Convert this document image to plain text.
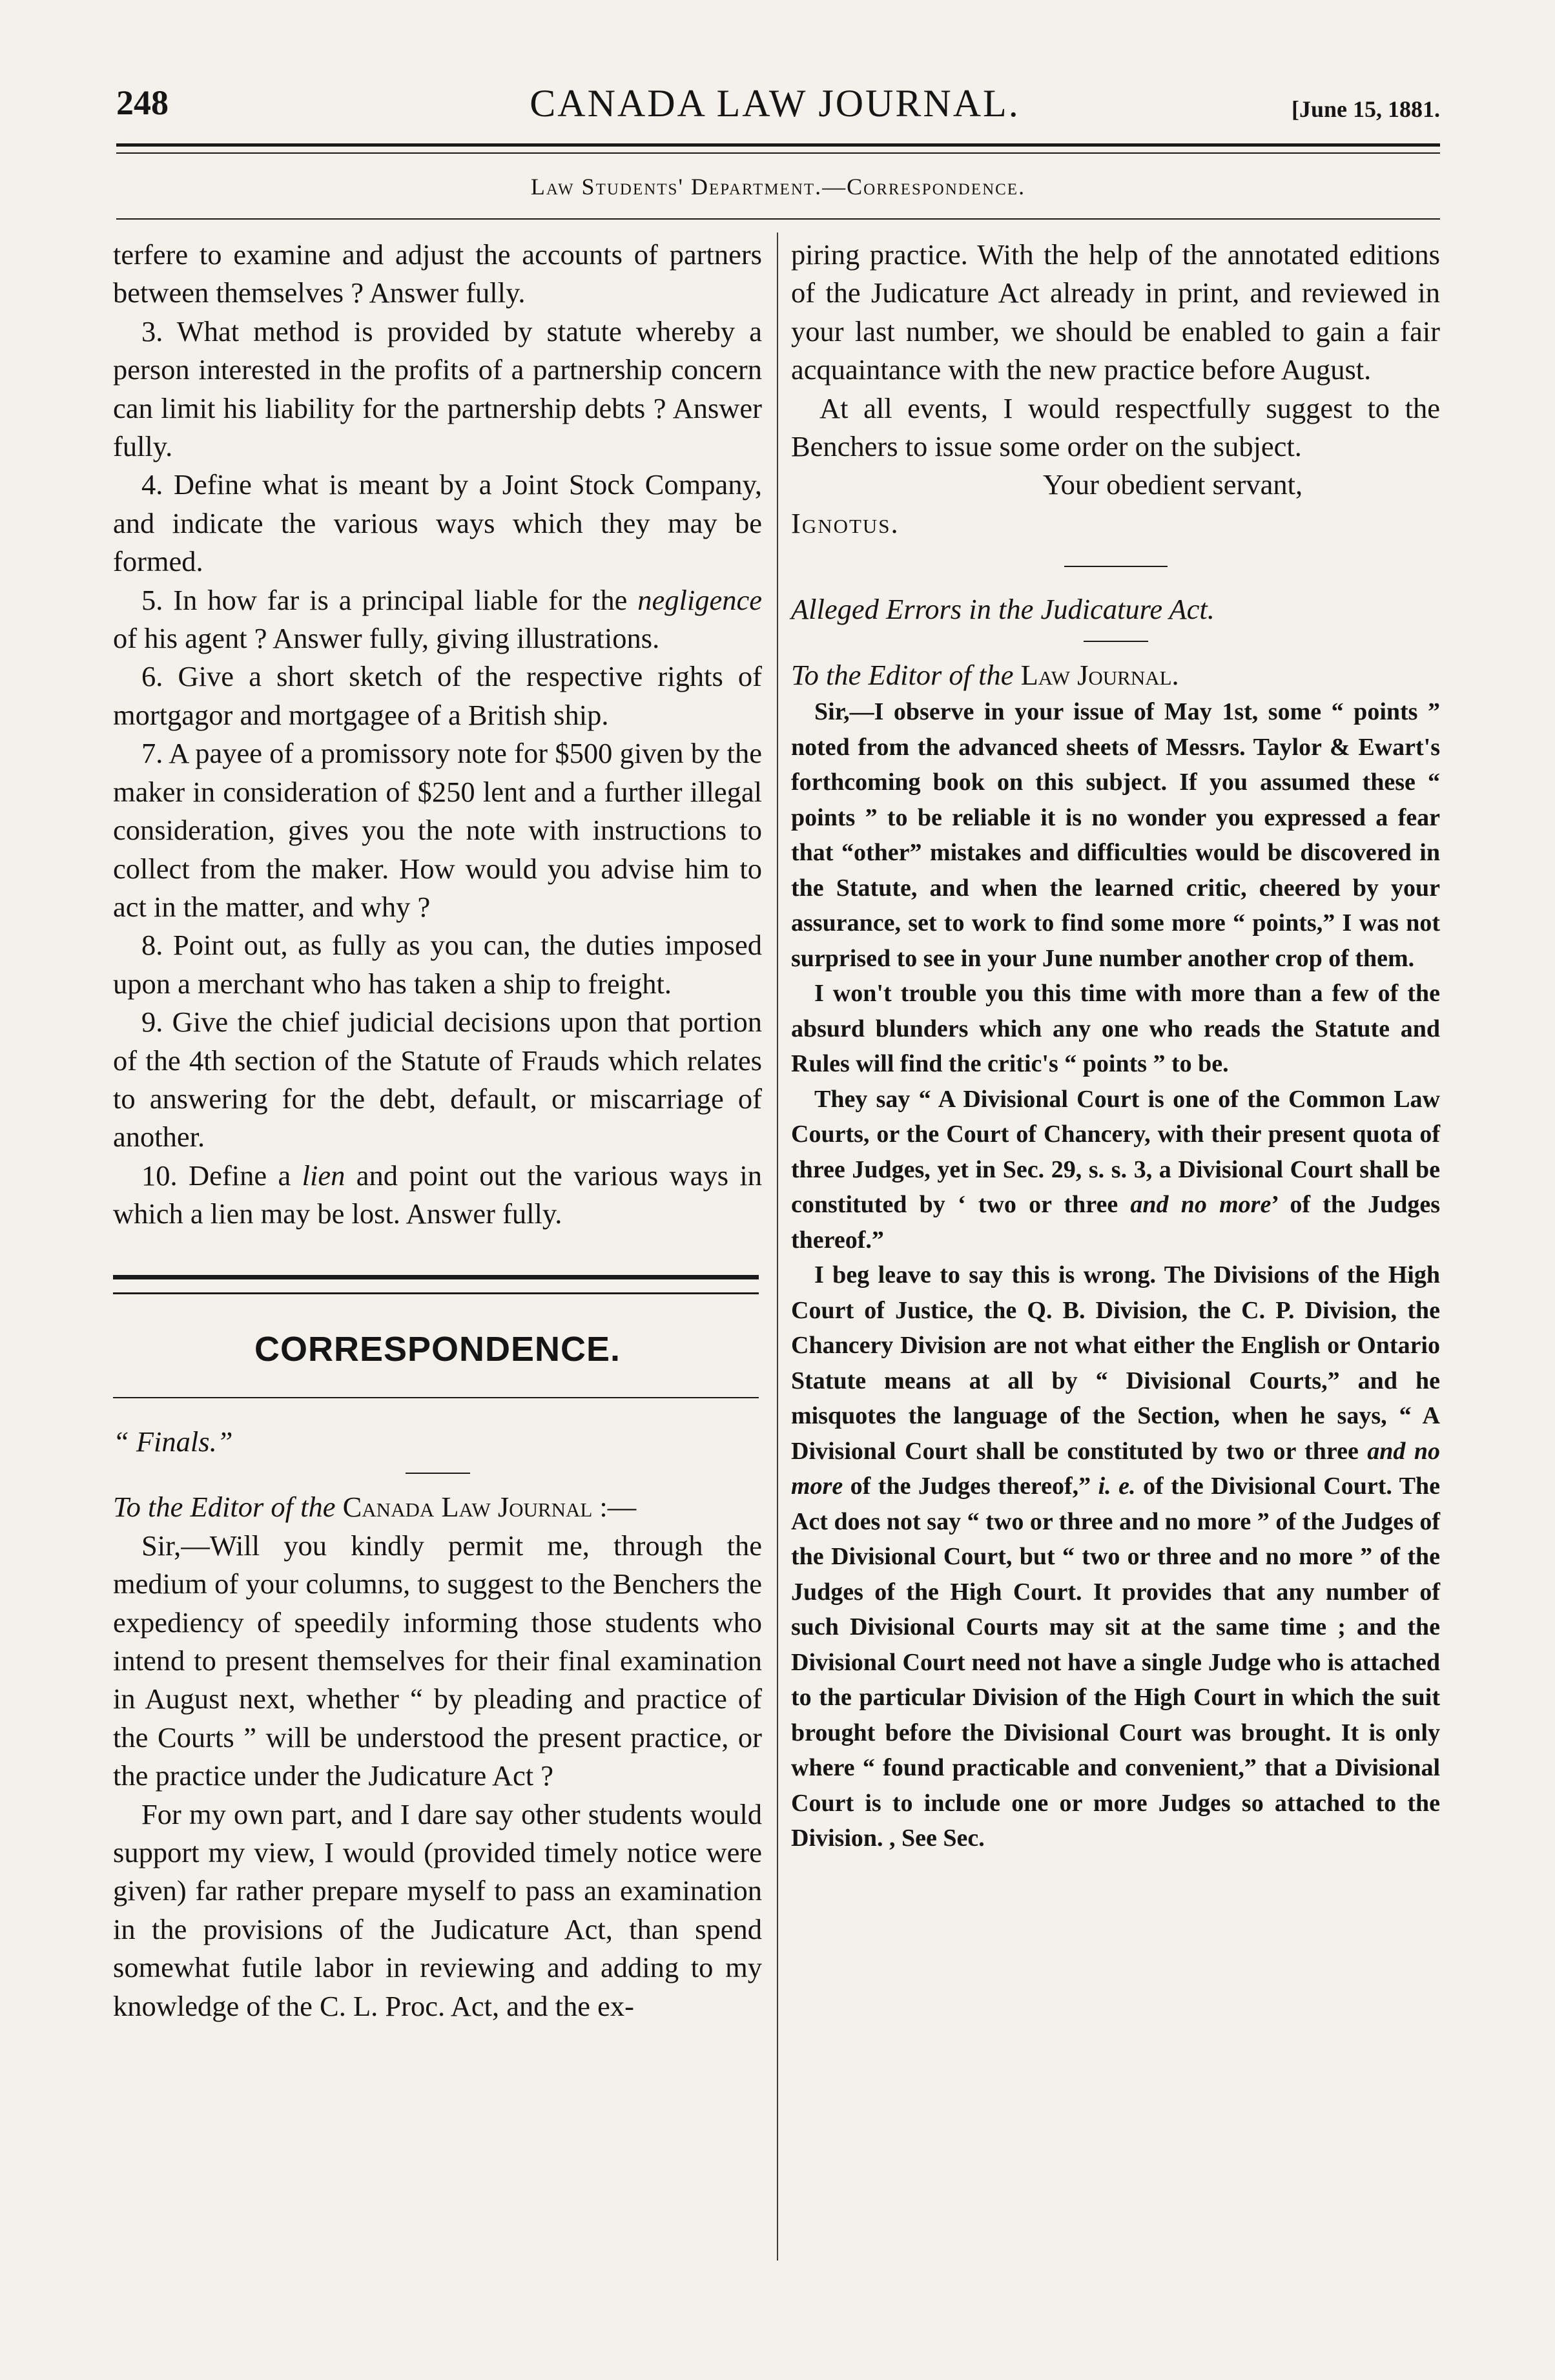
248	CANADA LAW JOURNAL.	[June 15, 1881.
Law Students' Department.—Correspondence.

terfere to examine and adjust the accounts of partners between themselves ? Answer fully.

3. What method is provided by statute whereby a person interested in the profits of a partnership concern can limit his liability for the partnership debts ? Answer fully.

4. Define what is meant by a Joint Stock Company, and indicate the various ways which they may be formed.

5. In how far is a principal liable for the negligence of his agent ? Answer fully, giving illustrations.

6. Give a short sketch of the respective rights of mortgagor and mortgagee of a British ship.

7. A payee of a promissory note for $500 given by the maker in consideration of $250 lent and a further illegal consideration, gives you the note with instructions to collect from the maker. How would you advise him to act in the matter, and why ?

8. Point out, as fully as you can, the duties imposed upon a merchant who has taken a ship to freight.

9. Give the chief judicial decisions upon that portion of the 4th section of the Statute of Frauds which relates to answering for the debt, default, or miscarriage of another.

10. Define a lien and point out the various ways in which a lien may be lost. Answer fully.

CORRESPONDENCE.

“ Finals.”

To the Editor of the Canada Law Journal :—

Sir,—Will you kindly permit me, through the medium of your columns, to suggest to the Benchers the expediency of speedily informing those students who intend to present themselves for their final examination in August next, whether “ by pleading and practice of the Courts ” will be understood the present practice, or the practice under the Judicature Act ?

For my own part, and I dare say other students would support my view, I would (provided timely notice were given) far rather prepare myself to pass an examination in the provisions of the Judicature Act, than spend somewhat futile labor in reviewing and adding to my knowledge of the C. L. Proc. Act, and the ex-

piring practice. With the help of the annotated editions of the Judicature Act already in print, and reviewed in your last number, we should be enabled to gain a fair acquaintance with the new practice before August.

At all events, I would respectfully suggest to the Benchers to issue some order on the subject.

Your obedient servant,

Ignotus.

Alleged Errors in the Judicature Act.

To the Editor of the Law Journal.

Sir,—I observe in your issue of May 1st, some “ points ” noted from the advanced sheets of Messrs. Taylor & Ewart's forthcoming book on this subject. If you assumed these “ points ” to be reliable it is no wonder you expressed a fear that “other” mistakes and difficulties would be discovered in the Statute, and when the learned critic, cheered by your assurance, set to work to find some more “ points,” I was not surprised to see in your June number another crop of them.

I won't trouble you this time with more than a few of the absurd blunders which any one who reads the Statute and Rules will find the critic's “ points ” to be.

They say “ A Divisional Court is one of the Common Law Courts, or the Court of Chancery, with their present quota of three Judges, yet in Sec. 29, s. s. 3, a Divisional Court shall be constituted by ‘ two or three and no more’ of the Judges thereof.”

I beg leave to say this is wrong. The Divisions of the High Court of Justice, the Q. B. Division, the C. P. Division, the Chancery Division are not what either the English or Ontario Statute means at all by “ Divisional Courts,” and he misquotes the language of the Section, when he says, “ A Divisional Court shall be constituted by two or three and no more of the Judges thereof,” i. e. of the Divisional Court. The Act does not say “ two or three and no more ” of the Judges of the Divisional Court, but “ two or three and no more ” of the Judges of the High Court. It provides that any number of such Divisional Courts may sit at the same time ; and the Divisional Court need not have a single Judge who is attached to the particular Division of the High Court in which the suit brought before the Divisional Court was brought. It is only where “ found practicable and convenient,” that a Divisional Court is to include one or more Judges so attached to the Division. , See Sec.
